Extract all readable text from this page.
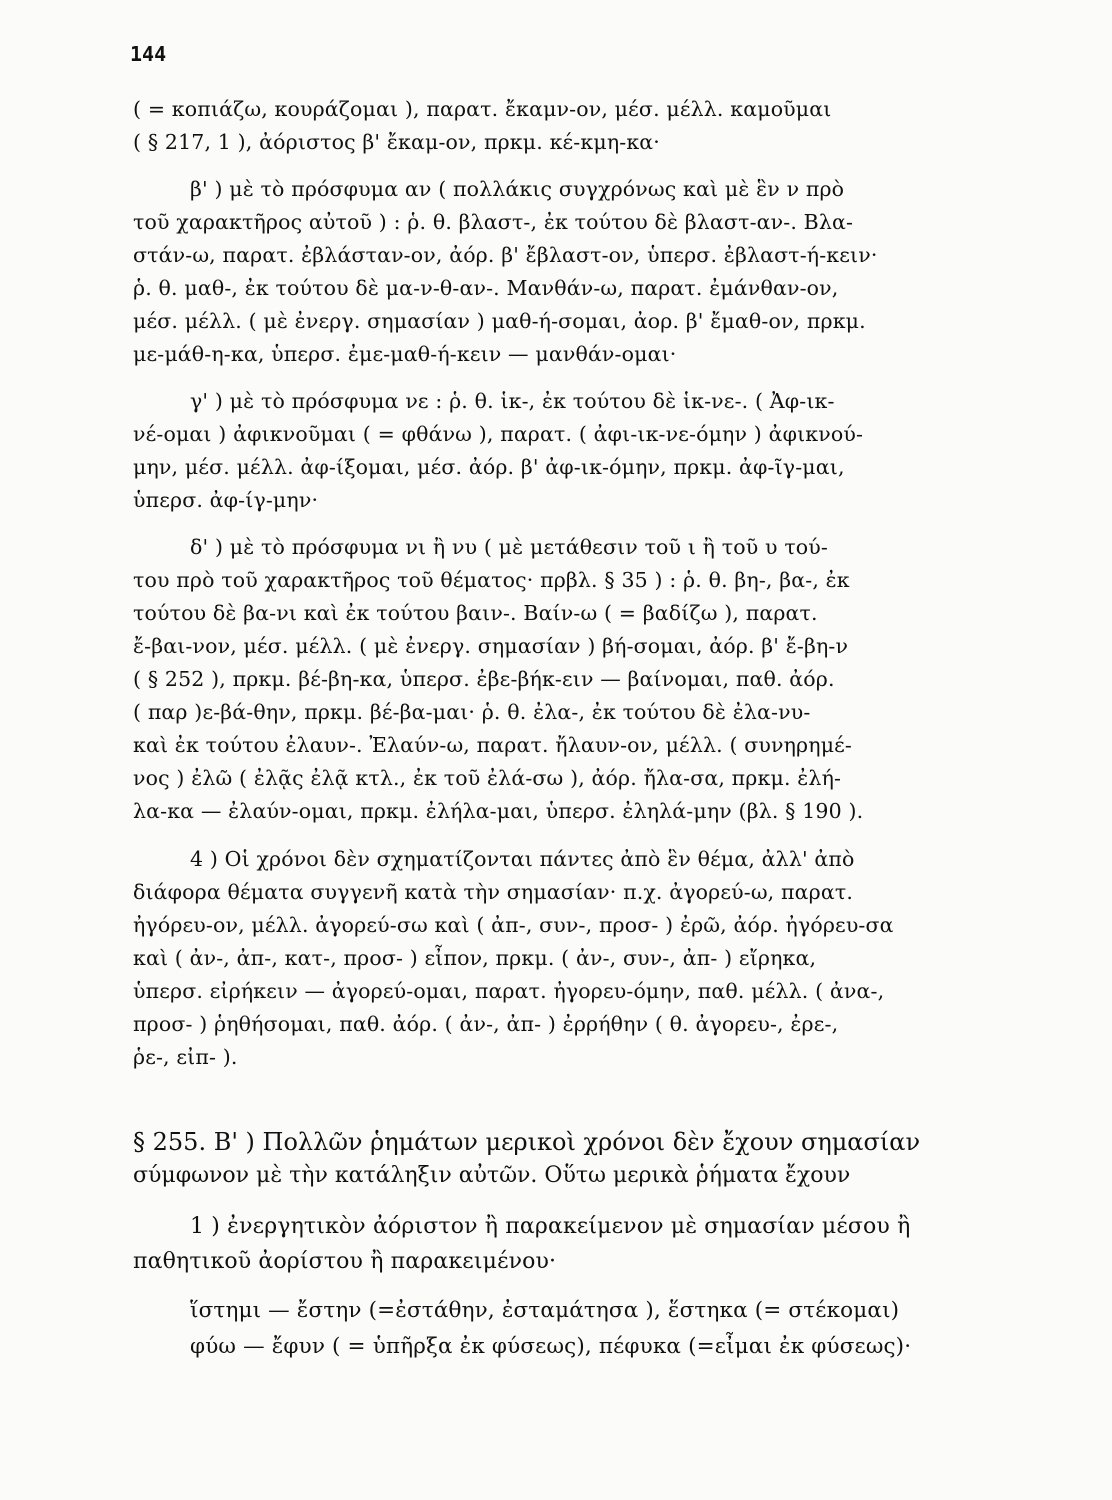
144
( = κοπιάζω, κουράζομαι ), παρατ. ἔκαμν-ον, μέσ. μέλλ. καμοῦμαι
( § 217, 1 ), ἀόριστος β' ἔκαμ-ον, πρκμ. κέ-κμη-κα·
β' ) μὲ τὸ πρόσφυμα αν ( πολλάκις συγχρόνως καὶ μὲ ἓν ν πρὸ
τοῦ χαρακτῆρος αὐτοῦ ) : ῥ. θ. βλαστ-, ἐκ τούτου δὲ βλαστ-αν-. Βλα-
στάν-ω, παρατ. ἐβλάσταν-ον, ἀόρ. β' ἔβλαστ-ον, ὑπερσ. ἐβλαστ-ή-κειν·
ῥ. θ. μαθ-, ἐκ τούτου δὲ μα-ν-θ-αν-. Μανθάν-ω, παρατ. ἐμάνθαν-ον,
μέσ. μέλλ. ( μὲ ἐνεργ. σημασίαν ) μαθ-ή-σομαι, ἀορ. β' ἔμαθ-ον, πρκμ.
με-μάθ-η-κα, ὑπερσ. ἐμε-μαθ-ή-κειν — μανθάν-ομαι·
γ' ) μὲ τὸ πρόσφυμα νε : ῥ. θ. ἱκ-, ἐκ τούτου δὲ ἱκ-νε-. ( Ἀφ-ικ-
νέ-ομαι ) ἀφικνοῦμαι ( = φθάνω ), παρατ. ( ἀφι-ικ-νε-όμην ) ἀφικνού-
μην, μέσ. μέλλ. ἀφ-ίξομαι, μέσ. ἀόρ. β' ἀφ-ικ-όμην, πρκμ. ἀφ-ῖγ-μαι,
ὑπερσ. ἀφ-ίγ-μην·
δ' ) μὲ τὸ πρόσφυμα νι ἢ νυ ( μὲ μετάθεσιν τοῦ ι ἢ τοῦ υ τού-
του πρὸ τοῦ χαρακτῆρος τοῦ θέματος· πρβλ. § 35 ) : ῥ. θ. βη-, βα-, ἐκ
τούτου δὲ βα-νι καὶ ἐκ τούτου βαιν-. Βαίν-ω ( = βαδίζω ), παρατ.
ἔ-βαι-νον, μέσ. μέλλ. ( μὲ ἐνεργ. σημασίαν ) βή-σομαι, ἀόρ. β' ἔ-βη-ν
( § 252 ), πρκμ. βέ-βη-κα, ὑπερσ. ἐβε-βήκ-ειν — βαίνομαι, παθ. ἀόρ.
( παρ )ε-βά-θην, πρκμ. βέ-βα-μαι· ῥ. θ. ἐλα-, ἐκ τούτου δὲ ἐλα-νυ-
καὶ ἐκ τούτου ἐλαυν-. Ἐλαύν-ω, παρατ. ἤλαυν-ον, μέλλ. ( συνηρημέ-
νος ) ἐλῶ ( ἐλᾷς ἐλᾷ κτλ., ἐκ τοῦ ἐλά-σω ), ἀόρ. ἤλα-σα, πρκμ. ἐλή-
λα-κα — ἐλαύν-ομαι, πρκμ. ἐλήλα-μαι, ὑπερσ. ἐληλά-μην (βλ. § 190 ).
4 ) Οἱ χρόνοι δὲν σχηματίζονται πάντες ἀπὸ ἓν θέμα, ἀλλ' ἀπὸ
διάφορα θέματα συγγενῆ κατὰ τὴν σημασίαν· π.χ. ἀγορεύ-ω, παρατ.
ἠγόρευ-ον, μέλλ. ἀγορεύ-σω καὶ ( ἀπ-, συν-, προσ- ) ἐρῶ, ἀόρ. ἠγόρευ-σα
καὶ ( ἀν-, ἀπ-, κατ-, προσ- ) εἶπον, πρκμ. ( ἀν-, συν-, ἀπ- ) εἴρηκα,
ὑπερσ. εἰρήκειν — ἀγορεύ-ομαι, παρατ. ἠγορευ-όμην, παθ. μέλλ. ( ἀνα-,
προσ- ) ῥηθήσομαι, παθ. ἀόρ. ( ἀν-, ἀπ- ) ἐρρήθην ( θ. ἀγορευ-, ἐρε-,
ῥε-, εἰπ- ).
§ 255. Β' ) Πολλῶν ῥημάτων μερικοὶ χρόνοι δὲν ἔχουν σημασίαν
σύμφωνον μὲ τὴν κατάληξιν αὐτῶν. Οὕτω μερικὰ ῥήματα ἔχουν
1 ) ἐνεργητικὸν ἀόριστον ἢ παρακείμενον μὲ σημασίαν μέσου ἢ
παθητικοῦ ἀορίστου ἢ παρακειμένου·
ἵστημι — ἔστην (=ἐστάθην, ἐσταμάτησα ), ἕστηκα (= στέκομαι)
φύω — ἔφυν ( = ὑπῆρξα ἐκ φύσεως), πέφυκα (=εἶμαι ἐκ φύσεως)·
